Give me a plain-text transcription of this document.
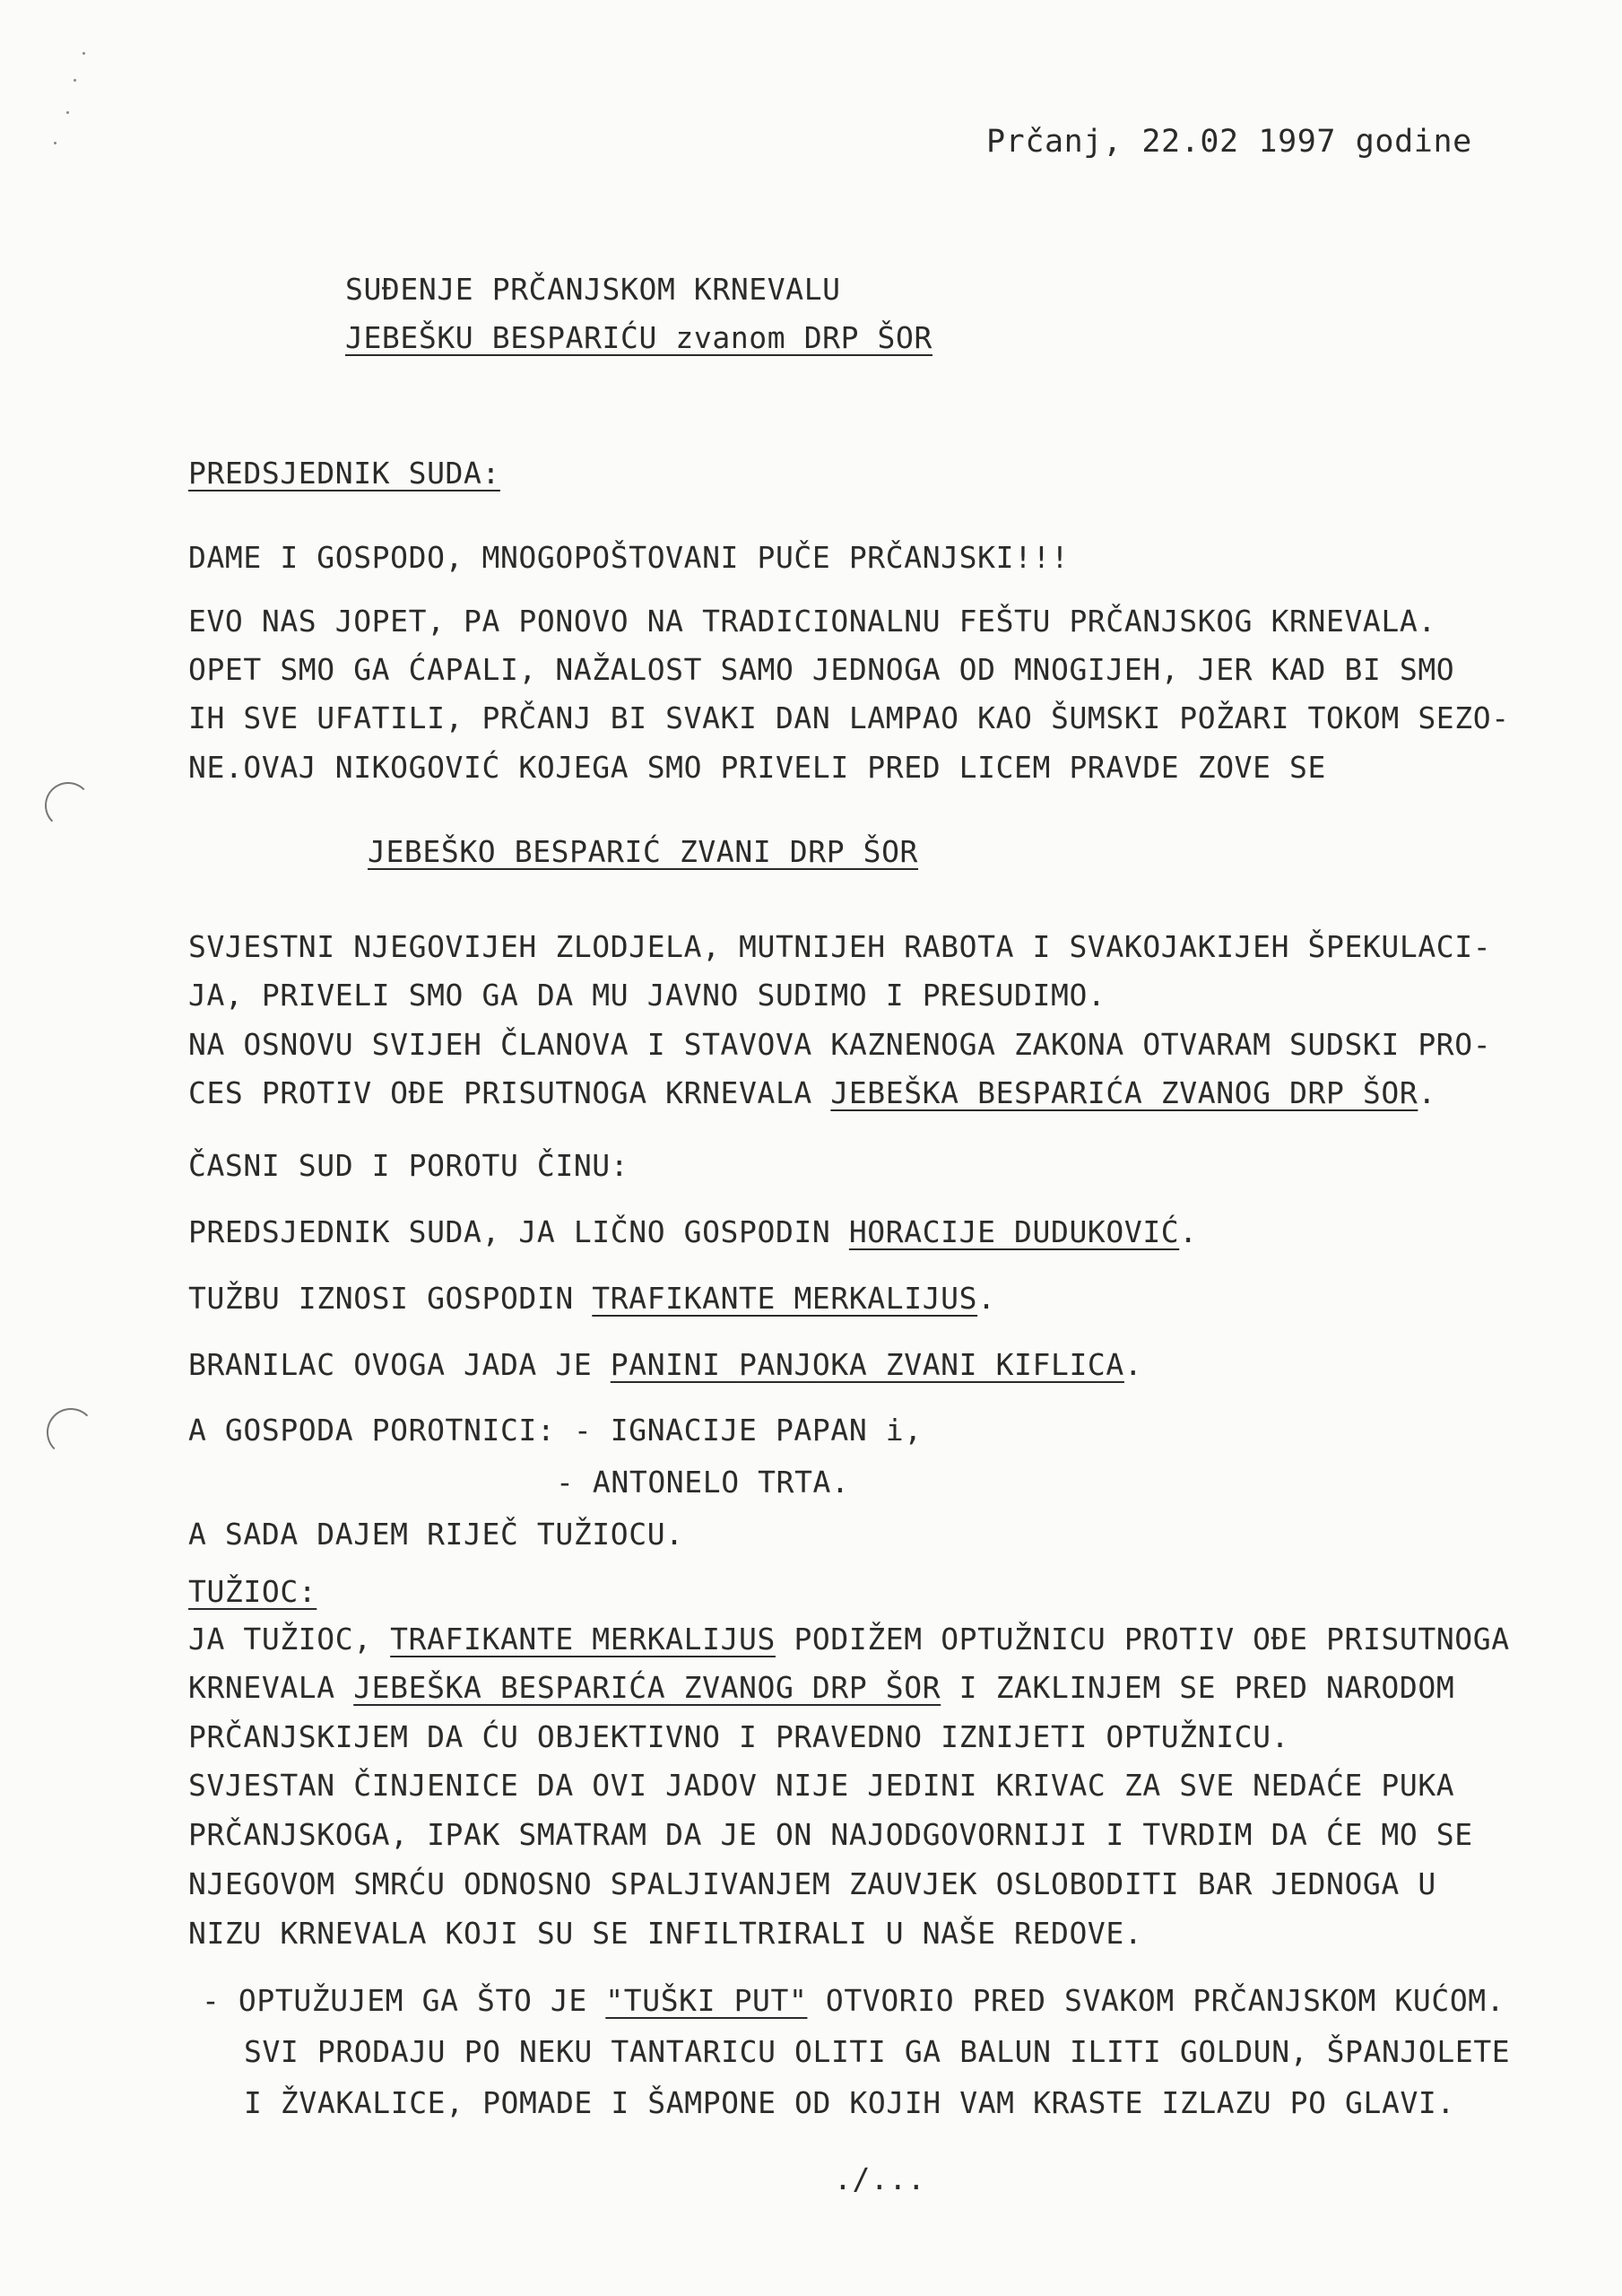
Prčanj, 22.02 1997 godine
SUĐENJE PRČANJSKOM KRNEVALU
JEBEŠKU BESPARIĆU zvanom DRP ŠOR
PREDSJEDNIK SUDA:
DAME I GOSPODO, MNOGOPOŠTOVANI PUČE PRČANJSKI!!!
EVO NAS JOPET, PA PONOVO NA TRADICIONALNU FEŠTU PRČANJSKOG KRNEVALA.
OPET SMO GA ĆAPALI, NAŽALOST SAMO JEDNOGA OD MNOGIJEH, JER KAD BI SMO
IH SVE UFATILI, PRČANJ BI SVAKI DAN LAMPAO KAO ŠUMSKI POŽARI TOKOM SEZO-
NE.OVAJ NIKOGOVIĆ KOJEGA SMO PRIVELI PRED LICEM PRAVDE ZOVE SE
JEBEŠKO BESPARIĆ ZVANI DRP ŠOR
SVJESTNI NJEGOVIJEH ZLODJELA, MUTNIJEH RABOTA I SVAKOJAKIJEH ŠPEKULACI-
JA, PRIVELI SMO GA DA MU JAVNO SUDIMO I PRESUDIMO.
NA OSNOVU SVIJEH ČLANOVA I STAVOVA KAZNENOGA ZAKONA OTVARAM SUDSKI PRO-
CES PROTIV OĐE PRISUTNOGA KRNEVALA JEBEŠKA BESPARIĆA ZVANOG DRP ŠOR.
ČASNI SUD I POROTU ČINU:
PREDSJEDNIK SUDA, JA LIČNO GOSPODIN HORACIJE DUDUKOVIĆ.
TUŽBU IZNOSI GOSPODIN TRAFIKANTE MERKALIJUS.
BRANILAC OVOGA JADA JE PANINI PANJOKA ZVANI KIFLICA.
A GOSPODA POROTNICI: - IGNACIJE PAPAN i,
- ANTONELO TRTA.
A SADA DAJEM RIJEČ TUŽIOCU.
TUŽIOC:
JA TUŽIOC, TRAFIKANTE MERKALIJUS PODIŽEM OPTUŽNICU PROTIV OĐE PRISUTNOGA
KRNEVALA JEBEŠKA BESPARIĆA ZVANOG DRP ŠOR I ZAKLINJEM SE PRED NARODOM
PRČANJSKIJEM DA ĆU OBJEKTIVNO I PRAVEDNO IZNIJETI OPTUŽNICU.
SVJESTAN ČINJENICE DA OVI JADOV NIJE JEDINI KRIVAC ZA SVE NEDAĆE PUKA
PRČANJSKOGA, IPAK SMATRAM DA JE ON NAJODGOVORNIJI I TVRDIM DA ĆE MO SE
NJEGOVOM SMRĆU ODNOSNO SPALJIVANJEM ZAUVJEK OSLOBODITI BAR JEDNOGA U
NIZU KRNEVALA KOJI SU SE INFILTRIRALI U NAŠE REDOVE.
- OPTUŽUJEM GA ŠTO JE "TUŠKI PUT" OTVORIO PRED SVAKOM PRČANJSKOM KUĆOM.
SVI PRODAJU PO NEKU TANTARICU OLITI GA BALUN ILITI GOLDUN, ŠPANJOLETE
I ŽVAKALICE, POMADE I ŠAMPONE OD KOJIH VAM KRASTE IZLAZU PO GLAVI.
./...
